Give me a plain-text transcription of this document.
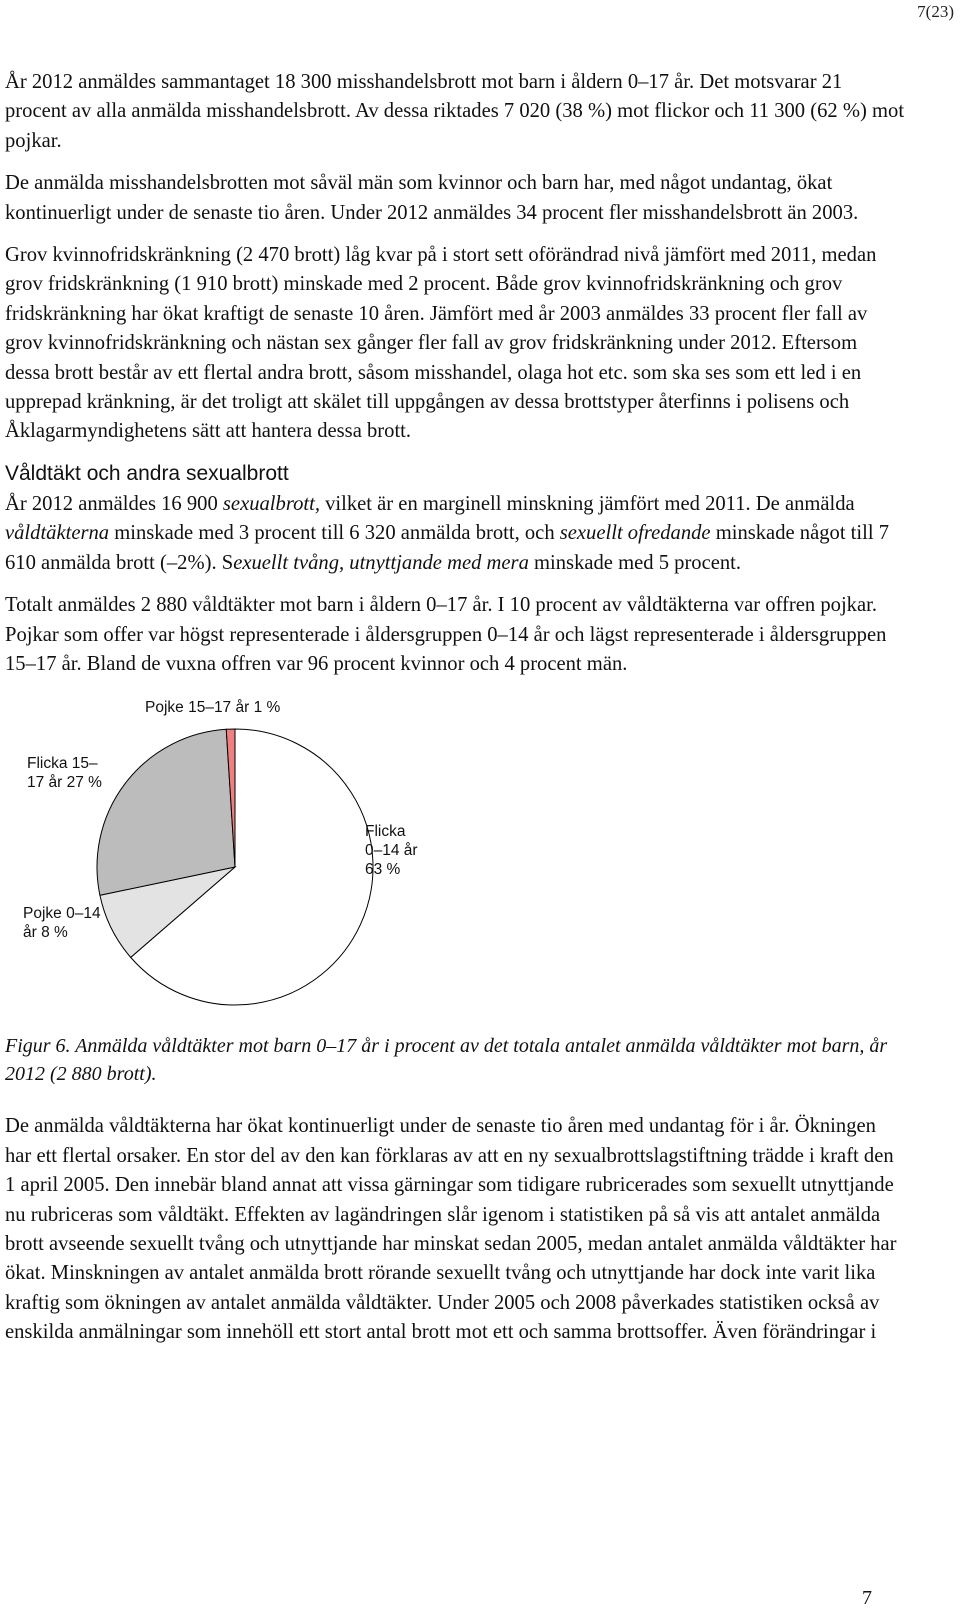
7(23)

År 2012 anmäldes sammantaget 18 300 misshandelsbrott mot barn i åldern 0–17 år. Det motsvarar 21 procent av alla anmälda misshandelsbrott. Av dessa riktades 7 020 (38 %) mot flickor och 11 300 (62 %) mot pojkar.

De anmälda misshandelsbrotten mot såväl män som kvinnor och barn har, med något undantag, ökat kontinuerligt under de senaste tio åren. Under 2012 anmäldes 34 procent fler misshandelsbrott än 2003.

Grov kvinnofridskränkning (2 470 brott) låg kvar på i stort sett oförändrad nivå jämfört med 2011, medan grov fridskränkning (1 910 brott) minskade med 2 procent. Både grov kvinnofridskränkning och grov fridskränkning har ökat kraftigt de senaste 10 åren. Jämfört med år 2003 anmäldes 33 procent fler fall av grov kvinnofridskränkning och nästan sex gånger fler fall av grov fridskränkning under 2012. Eftersom dessa brott består av ett flertal andra brott, såsom misshandel, olaga hot etc. som ska ses som ett led i en upprepad kränkning, är det troligt att skälet till uppgången av dessa brottstyper återfinns i polisens och Åklagarmyndighetens sätt att hantera dessa brott.

Våldtäkt och andra sexualbrott

År 2012 anmäldes 16 900 sexualbrott, vilket är en marginell minskning jämfört med 2011. De anmälda våldtäkterna minskade med 3 procent till 6 320 anmälda brott, och sexuellt ofredande minskade något till 7 610 anmälda brott (–2%). Sexuellt tvång, utnyttjande med mera minskade med 5 procent.

Totalt anmäldes 2 880 våldtäkter mot barn i åldern 0–17 år. I 10 procent av våldtäkterna var offren pojkar. Pojkar som offer var högst representerade i åldersgruppen 0–14 år och lägst representerade i åldersgruppen 15–17 år. Bland de vuxna offren var 96 procent kvinnor och 4 procent män.

Flicka 0–14 år 63 %
Pojke 0–14 år 8 %
Flicka 15– 17 år 27 %
Pojke 15–17 år 1 %

Figur 6. Anmälda våldtäkter mot barn 0–17 år i procent av det totala antalet anmälda våldtäkter mot barn, år 2012 (2 880 brott).

De anmälda våldtäkterna har ökat kontinuerligt under de senaste tio åren med undantag för i år. Ökningen har ett flertal orsaker. En stor del av den kan förklaras av att en ny sexualbrottslagstiftning trädde i kraft den 1 april 2005. Den innebär bland annat att vissa gärningar som tidigare rubricerades som sexuellt utnyttjande nu rubriceras som våldtäkt. Effekten av lagändringen slår igenom i statistiken på så vis att antalet anmälda brott avseende sexuellt tvång och utnyttjande har minskat sedan 2005, medan antalet anmälda våldtäkter har ökat. Minskningen av antalet anmälda brott rörande sexuellt tvång och utnyttjande har dock inte varit lika kraftig som ökningen av antalet anmälda våldtäkter. Under 2005 och 2008 påverkades statistiken också av enskilda anmälningar som innehöll ett stort antal brott mot ett och samma brottsoffer. Även förändringar i

7
